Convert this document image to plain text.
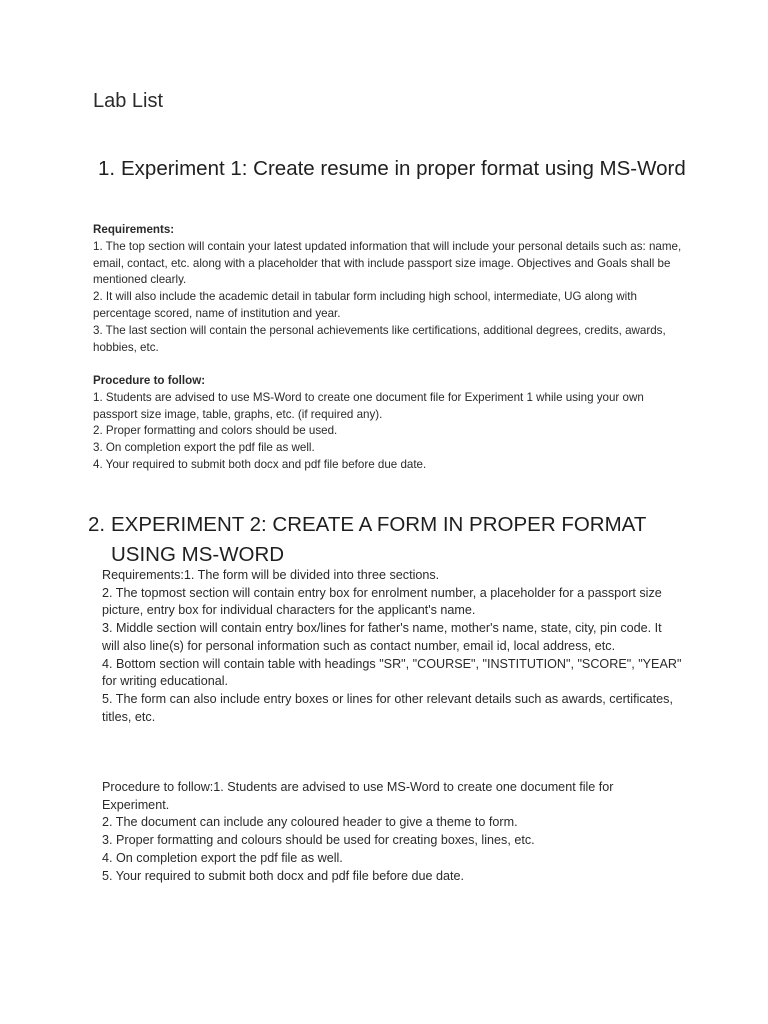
Lab List
1. Experiment 1: Create resume in proper format using MS-Word

Requirements:

1. The top section will contain your latest updated information that will include your personal details such as: name, email, contact, etc. along with a placeholder that with include passport size image. Objectives and Goals shall be mentioned clearly.

2. It will also include the academic detail in tabular form including high school, intermediate, UG along with percentage scored, name of institution and year.

3. The last section will contain the personal achievements like certifications, additional degrees, credits, awards, hobbies, etc.

Procedure to follow:

1. Students are advised to use MS-Word to create one document file for Experiment 1 while using your own passport size image, table, graphs, etc. (if required any).

2. Proper formatting and colors should be used.

3. On completion export the pdf file as well.

4. Your required to submit both docx and pdf file before due date.

2. EXPERIMENT 2: CREATE A FORM IN PROPER FORMAT USING MS-WORD

Requirements:1. The form will be divided into three sections.

2. The topmost section will contain entry box for enrolment number, a placeholder for a passport size picture, entry box for individual characters for the applicant's name.

3. Middle section will contain entry box/lines for father's name, mother's name, state, city, pin code. It will also line(s) for personal information such as contact number, email id, local address, etc.

4. Bottom section will contain table with headings "SR", "COURSE", "INSTITUTION", "SCORE", "YEAR" for writing educational.

5. The form can also include entry boxes or lines for other relevant details such as awards, certificates, titles, etc.

Procedure to follow:1. Students are advised to use MS-Word to create one document file for Experiment.

2. The document can include any coloured header to give a theme to form.

3. Proper formatting and colours should be used for creating boxes, lines, etc.

4. On completion export the pdf file as well.

5. Your required to submit both docx and pdf file before due date.
